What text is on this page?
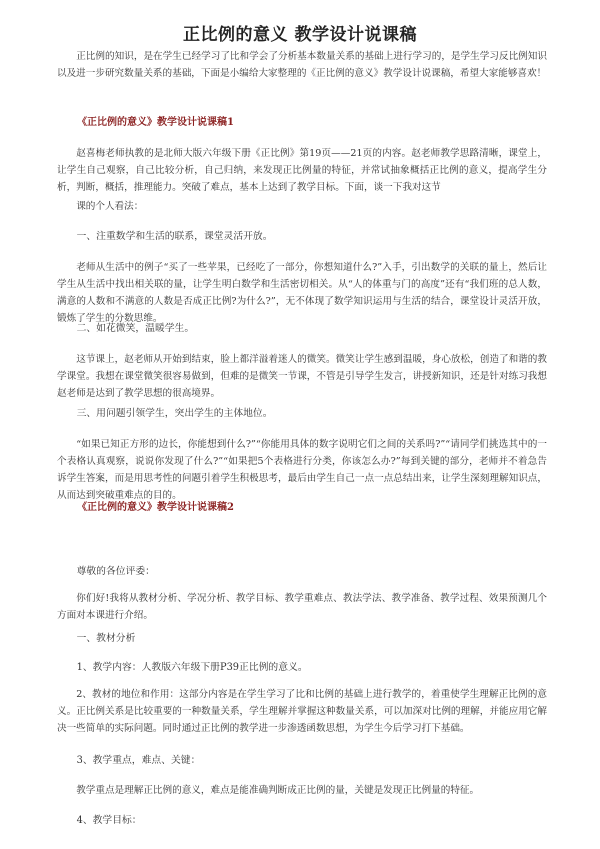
正比例的意义 教学设计说课稿
正比例的知识，是在学生已经学习了比和学会了分析基本数量关系的基础上进行学习的，是学生学习反比例知识以及进一步研究数量关系的基础，下面是小编给大家整理的《正比例的意义》教学设计说课稿，希望大家能够喜欢！
《正比例的意义》教学设计说课稿1
赵喜梅老师执教的是北师大版六年级下册《正比例》第19页——21页的内容。赵老师教学思路清晰，课堂上，让学生自己观察，自己比较分析，自己归纳，来发现正比例量的特征，并常试抽象概括正比例的意义，提高学生分析，判断，概括，推理能力。突破了难点，基本上达到了教学目标。下面，谈一下我对这节
课的个人看法：
一、注重数学和生活的联系，课堂灵活开放。
老师从生活中的例子“买了一些苹果，已经吃了一部分，你想知道什么?”入手，引出数学的关联的量上，然后让学生从生活中找出相关联的量，让学生明白数学和生活密切相关。从“人的体重与门的高度”还有“我们班的总人数，满意的人数和不满意的人数是否成正比例?为什么?”，无不体现了数学知识运用与生活的结合，课堂设计灵活开放，锻炼了学生的分数思维。
二、如花微笑，温暖学生。
这节课上，赵老师从开始到结束，脸上都洋溢着迷人的微笑。微笑让学生感到温暖，身心放松，创造了和谐的教学课堂。我想在课堂微笑很容易做到，但难的是微笑一节课，不管是引导学生发言，讲授新知识，还是针对练习我想赵老师是达到了教学思想的很高境界。
三、用问题引领学生，突出学生的主体地位。
“如果已知正方形的边长，你能想到什么?”“你能用具体的数字说明它们之间的关系吗?”“请同学们挑选其中的一个表格认真观察，说说你发现了什么?”“如果把5个表格进行分类，你该怎么办?”每到关键的部分，老师并不着急告诉学生答案，而是用思考性的问题引着学生积极思考，最后由学生自己一点一点总结出来，让学生深刻理解知识点，从而达到突破重难点的目的。
《正比例的意义》教学设计说课稿2
尊敬的各位评委：
你们好!我将从教材分析、学况分析、教学目标、教学重难点、教法学法、教学准备、教学过程、效果预测几个方面对本课进行介绍。
一、教材分析
1、教学内容：人教版六年级下册P39正比例的意义。
2、教材的地位和作用：这部分内容是在学生学习了比和比例的基础上进行教学的，着重使学生理解正比例的意义。正比例关系是比较重要的一种数量关系，学生理解并掌握这种数量关系，可以加深对比例的理解，并能应用它解决一些简单的实际问题。同时通过正比例的教学进一步渗透函数思想，为学生今后学习打下基础。
3、教学重点，难点、关键：
教学重点是理解正比例的意义，难点是能准确判断成正比例的量，关键是发现正比例量的特征。
4、教学目标：
